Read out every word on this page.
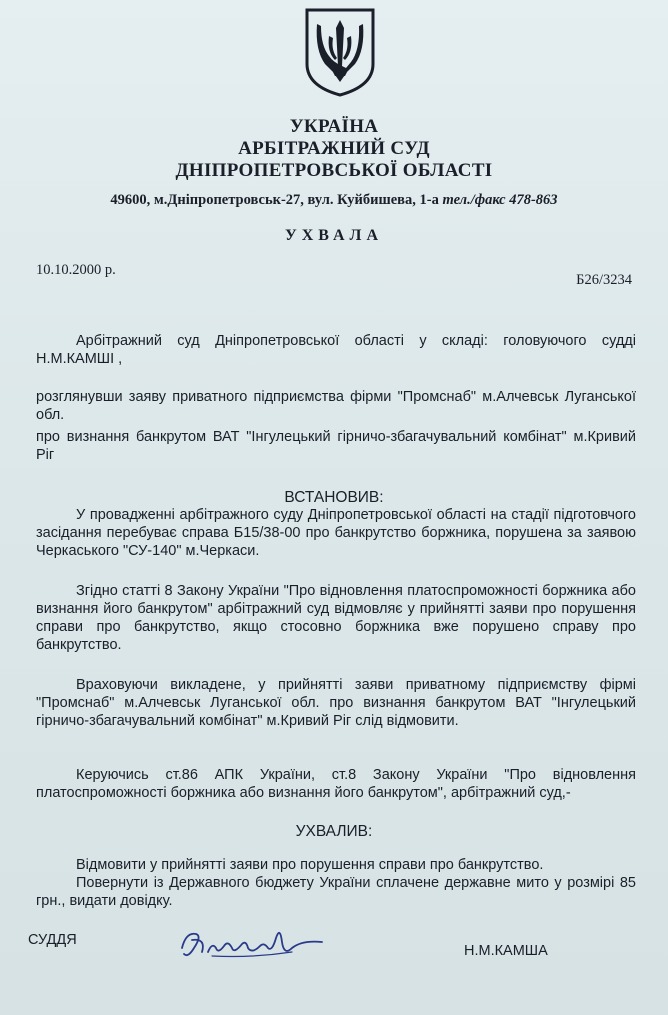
УКРАЇНА
АРБІТРАЖНИЙ СУД
ДНІПРОПЕТРОВСЬКОЇ ОБЛАСТІ
49600, м.Дніпропетровськ-27, вул. Куйбишева, 1-а тел./факс 478-863
УХВАЛА
10.10.2000 р.
Б26/3234

Арбітражний суд Дніпропетровської області у складі: головуючого судді Н.М.КАМШІ ,

розглянувши заяву приватного підприємства фірми "Промснаб" м.Алчевськ Луганської обл.

про визнання банкрутом ВАТ "Інгулецький гірничо-збагачувальний комбінат" м.Кривий Ріг

ВСТАНОВИВ:

У провадженні арбітражного суду Дніпропетровської області на стадії підготовчого засідання перебуває справа Б15/38-00 про банкрутство боржника, порушена за заявою Черкаського "СУ-140" м.Черкаси.

Згідно статті 8 Закону України "Про відновлення платоспроможності боржника або визнання його банкрутом" арбітражний суд відмовляє у прийнятті заяви про порушення справи про банкрутство, якщо стосовно боржника вже порушено справу про банкрутство.

Враховуючи викладене, у прийнятті заяви приватному підприємству фірмі "Промснаб" м.Алчевськ Луганської обл. про визнання банкрутом ВАТ "Інгулецький гірничо-збагачувальний комбінат" м.Кривий Ріг слід відмовити.

Керуючись ст.86 АПК України, ст.8 Закону України "Про відновлення платоспроможності боржника або визнання його банкрутом", арбітражний суд,-

УХВАЛИВ:

Відмовити у прийнятті заяви про порушення справи про банкрутство.

Повернути із Державного бюджету України сплачене державне мито у розмірі 85 грн., видати довідку.

СУДДЯ
Н.М.КАМША
